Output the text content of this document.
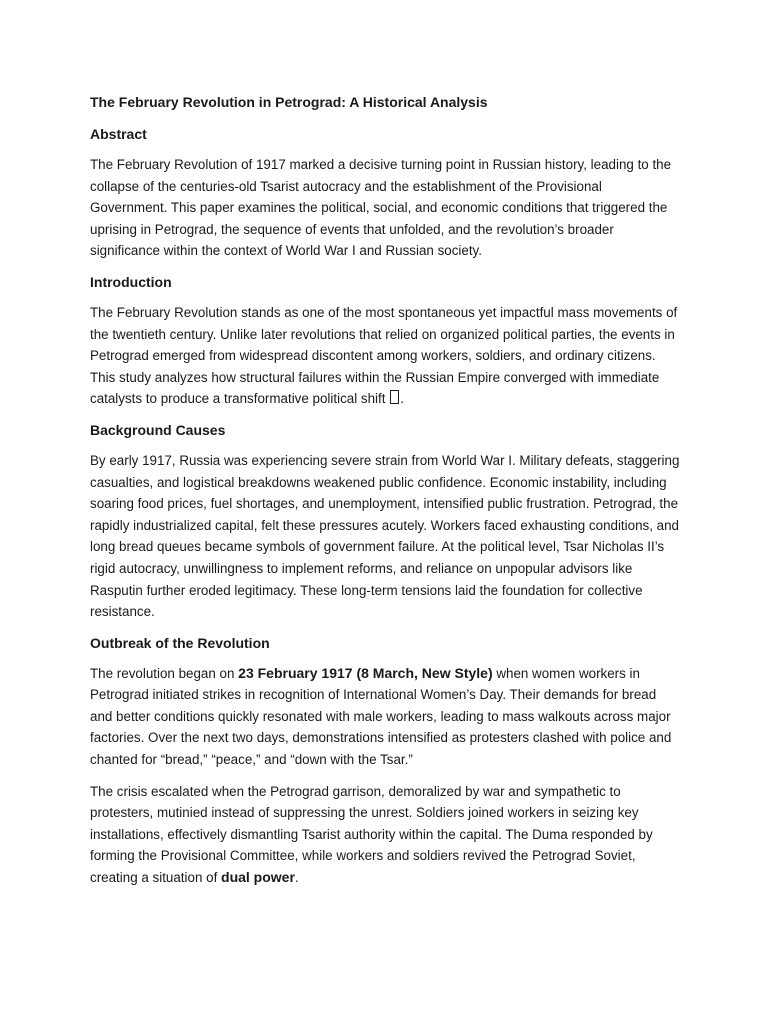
The February Revolution in Petrograd: A Historical Analysis
Abstract

The February Revolution of 1917 marked a decisive turning point in Russian history, leading to the collapse of the centuries-old Tsarist autocracy and the establishment of the Provisional Government. This paper examines the political, social, and economic conditions that triggered the uprising in Petrograd, the sequence of events that unfolded, and the revolution’s broader significance within the context of World War I and Russian society.

Introduction

The February Revolution stands as one of the most spontaneous yet impactful mass movements of the twentieth century. Unlike later revolutions that relied on organized political parties, the events in Petrograd emerged from widespread discontent among workers, soldiers, and ordinary citizens. This study analyzes how structural failures within the Russian Empire converged with immediate catalysts to produce a transformative political shift .

Background Causes

By early 1917, Russia was experiencing severe strain from World War I. Military defeats, staggering casualties, and logistical breakdowns weakened public confidence. Economic instability, including soaring food prices, fuel shortages, and unemployment, intensified public frustration. Petrograd, the rapidly industrialized capital, felt these pressures acutely. Workers faced exhausting conditions, and long bread queues became symbols of government failure. At the political level, Tsar Nicholas II’s rigid autocracy, unwillingness to implement reforms, and reliance on unpopular advisors like Rasputin further eroded legitimacy. These long-term tensions laid the foundation for collective resistance.

Outbreak of the Revolution

The revolution began on 23 February 1917 (8 March, New Style) when women workers in Petrograd initiated strikes in recognition of International Women’s Day. Their demands for bread and better conditions quickly resonated with male workers, leading to mass walkouts across major factories. Over the next two days, demonstrations intensified as protesters clashed with police and chanted for “bread,” “peace,” and “down with the Tsar.”

The crisis escalated when the Petrograd garrison, demoralized by war and sympathetic to protesters, mutinied instead of suppressing the unrest. Soldiers joined workers in seizing key installations, effectively dismantling Tsarist authority within the capital. The Duma responded by forming the Provisional Committee, while workers and soldiers revived the Petrograd Soviet, creating a situation of dual power.
